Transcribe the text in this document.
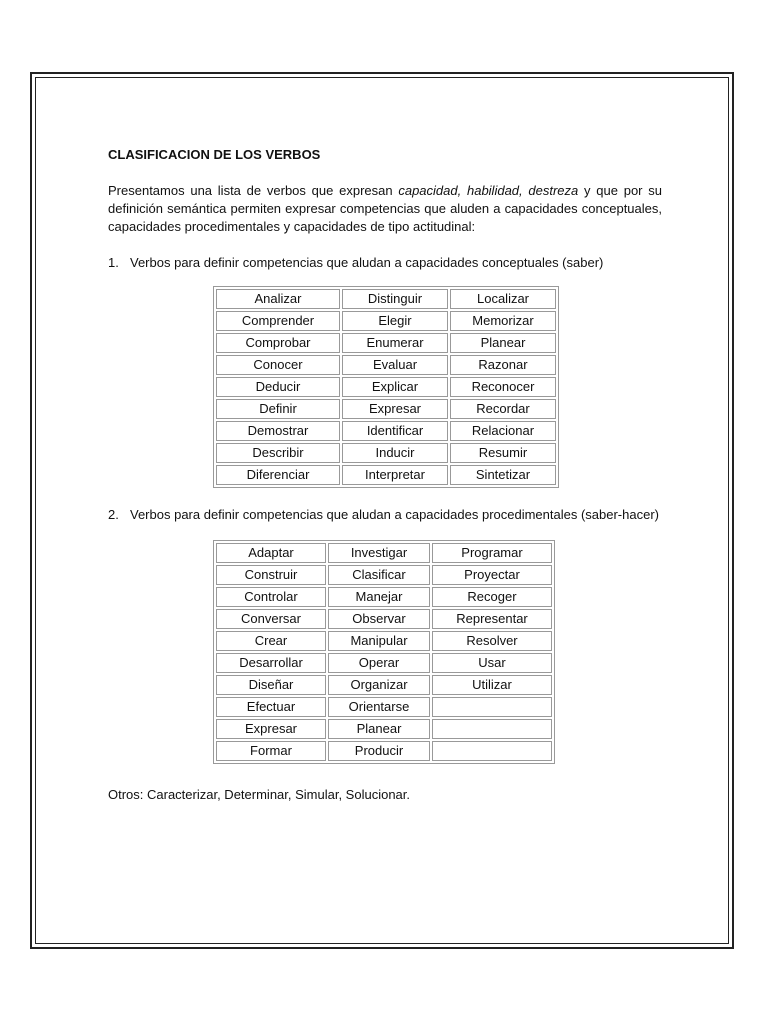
CLASIFICACION DE LOS VERBOS

Presentamos una lista de verbos que expresan capacidad, habilidad, destreza y que por su definición semántica permiten expresar competencias que aluden a capacidades conceptuales, capacidades procedimentales y capacidades de tipo actitudinal:

1. Verbos para definir competencias que aludan a capacidades conceptuales (saber)
Analizar	Distinguir	Localizar
Comprender	Elegir	Memorizar
Comprobar	Enumerar	Planear
Conocer	Evaluar	Razonar
Deducir	Explicar	Reconocer
Definir	Expresar	Recordar
Demostrar	Identificar	Relacionar
Describir	Inducir	Resumir
Diferenciar	Interpretar	Sintetizar
2. Verbos para definir competencias que aludan a capacidades procedimentales (saber-hacer)
Adaptar	Investigar	Programar
Construir	Clasificar	Proyectar
Controlar	Manejar	Recoger
Conversar	Observar	Representar
Crear	Manipular	Resolver
Desarrollar	Operar	Usar
Diseñar	Organizar	Utilizar
Efectuar	Orientarse	
Expresar	Planear	
Formar	Producir	

Otros: Caracterizar, Determinar, Simular, Solucionar.
